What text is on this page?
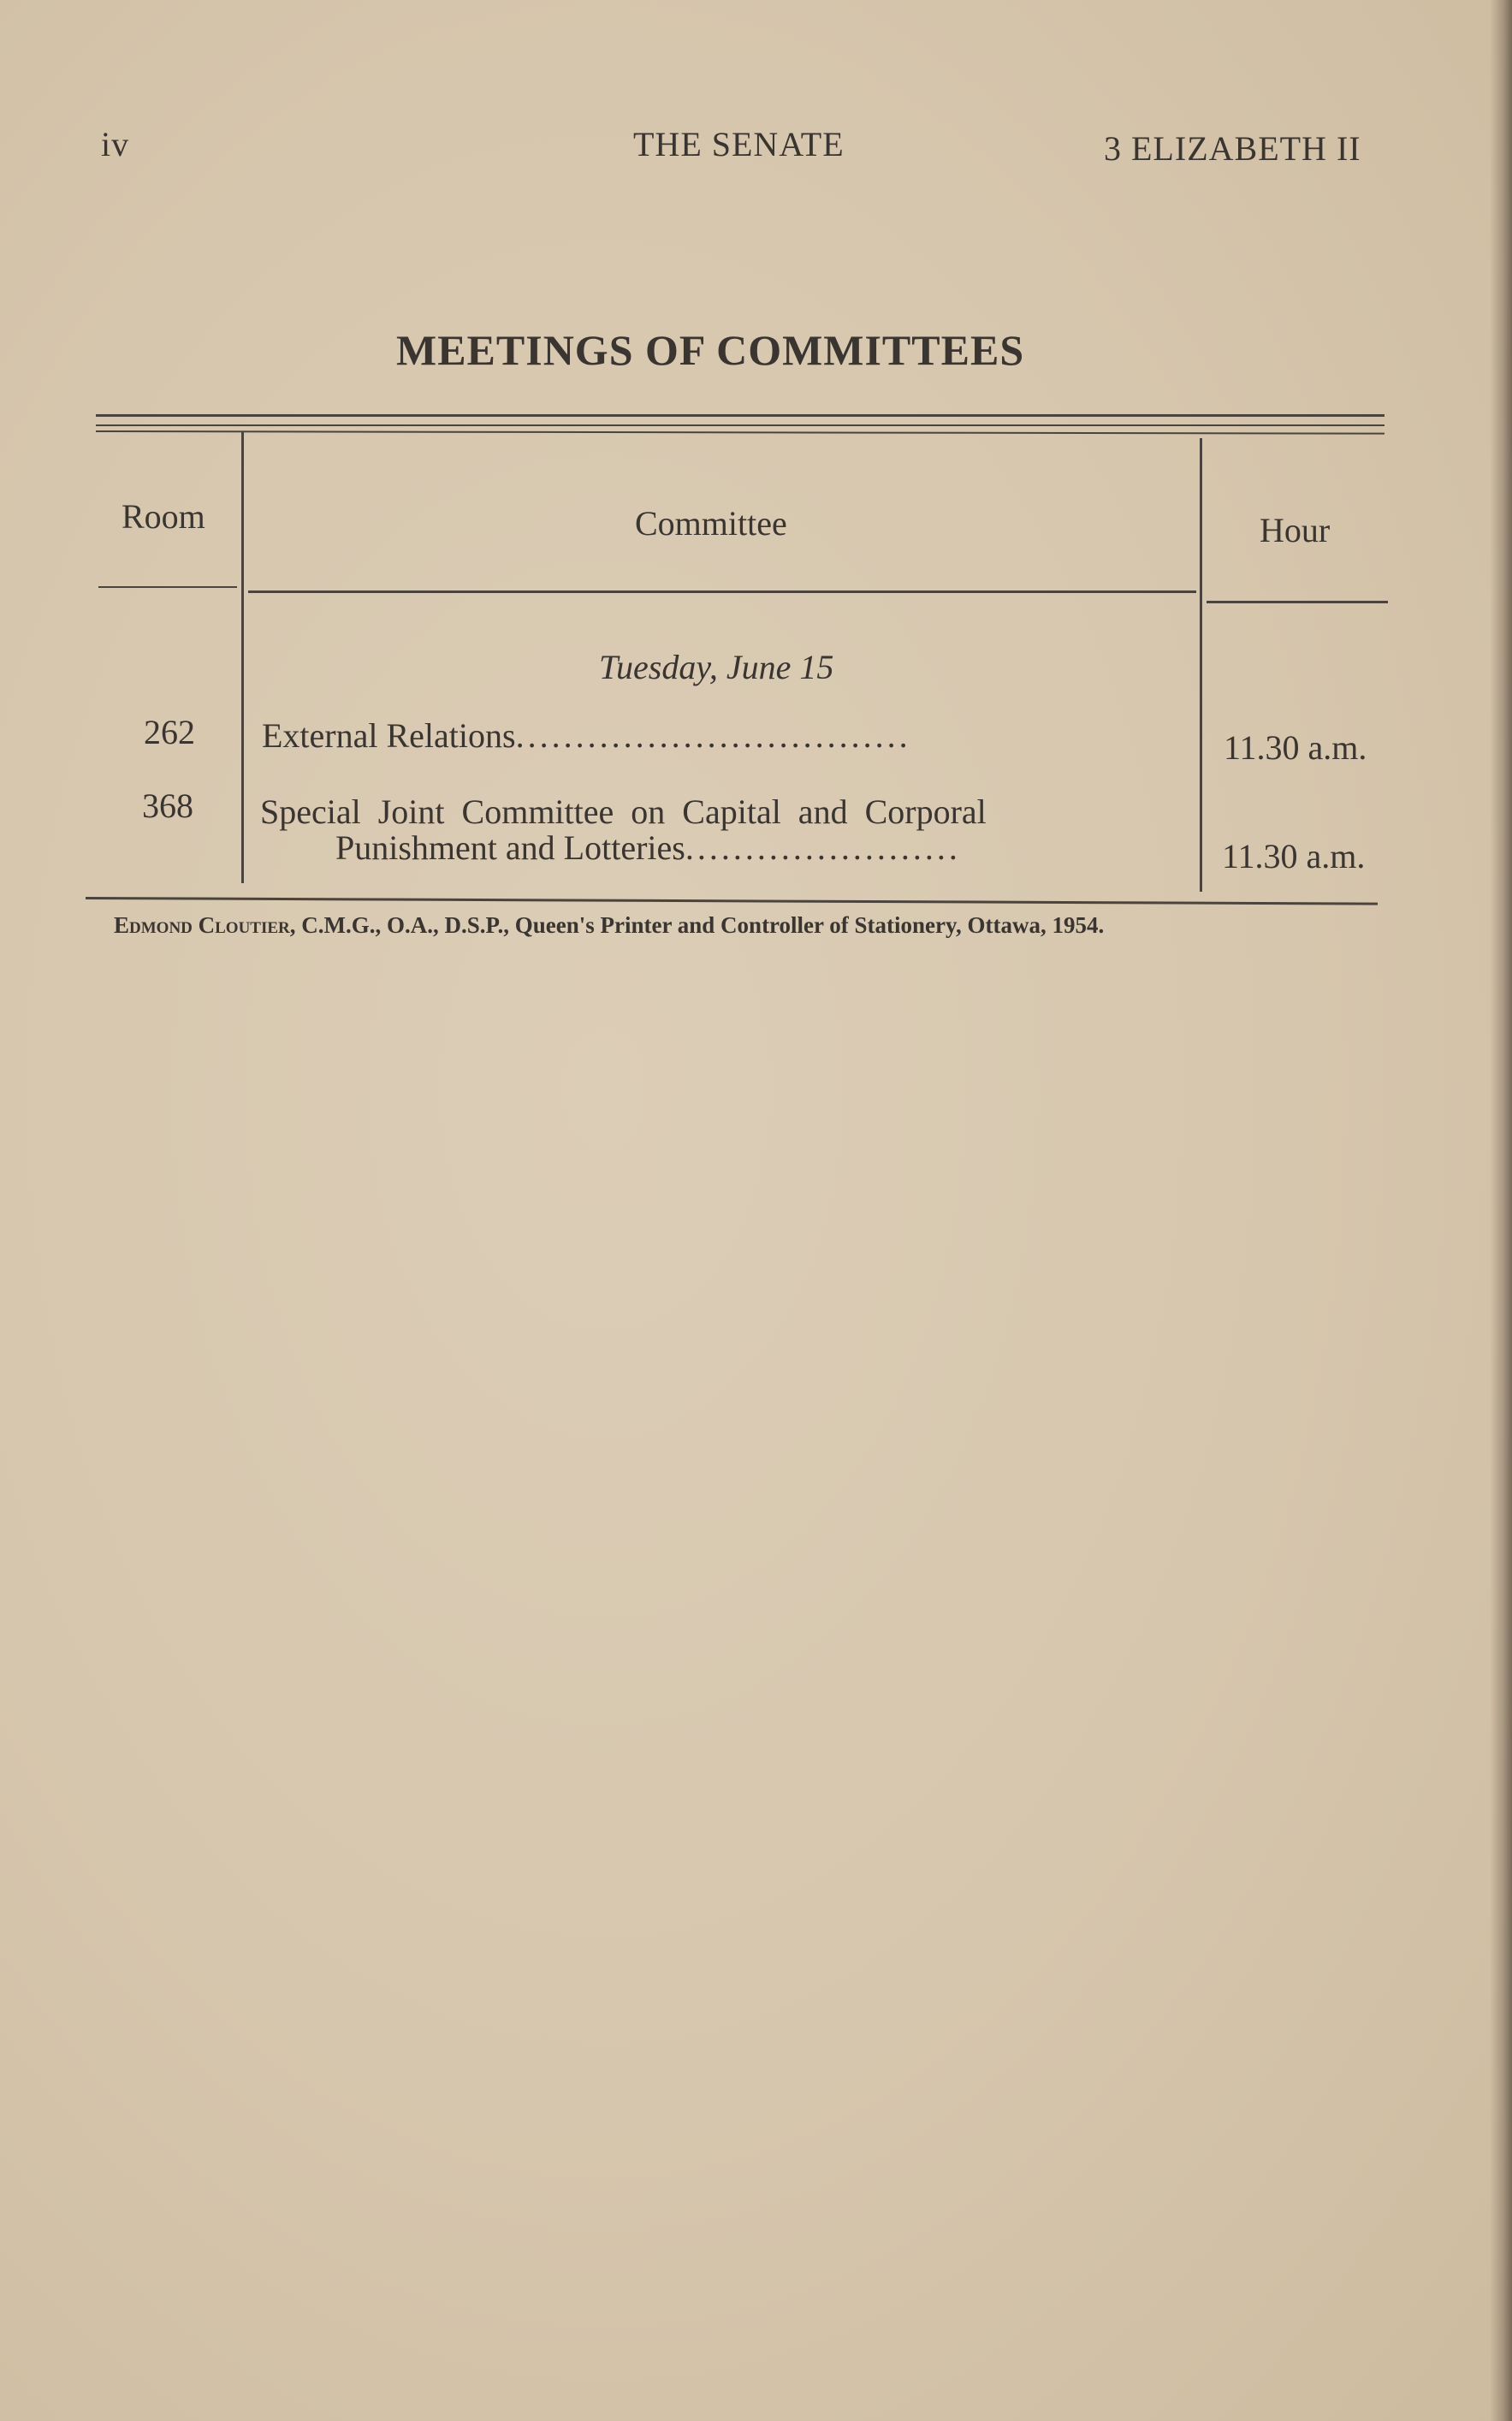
iv	THE SENATE	3 ELIZABETH II
MEETINGS OF COMMITTEES
Room	Committee	Hour
Tuesday, June 15
262 External Relations.................................	11.30 a.m.
368 Special Joint Committee on Capital and Corporal
Punishment and Lotteries.......................	11.30 a.m.
Edmond Cloutier, C.M.G., O.A., D.S.P., Queen's Printer and Controller of Stationery, Ottawa, 1954.
